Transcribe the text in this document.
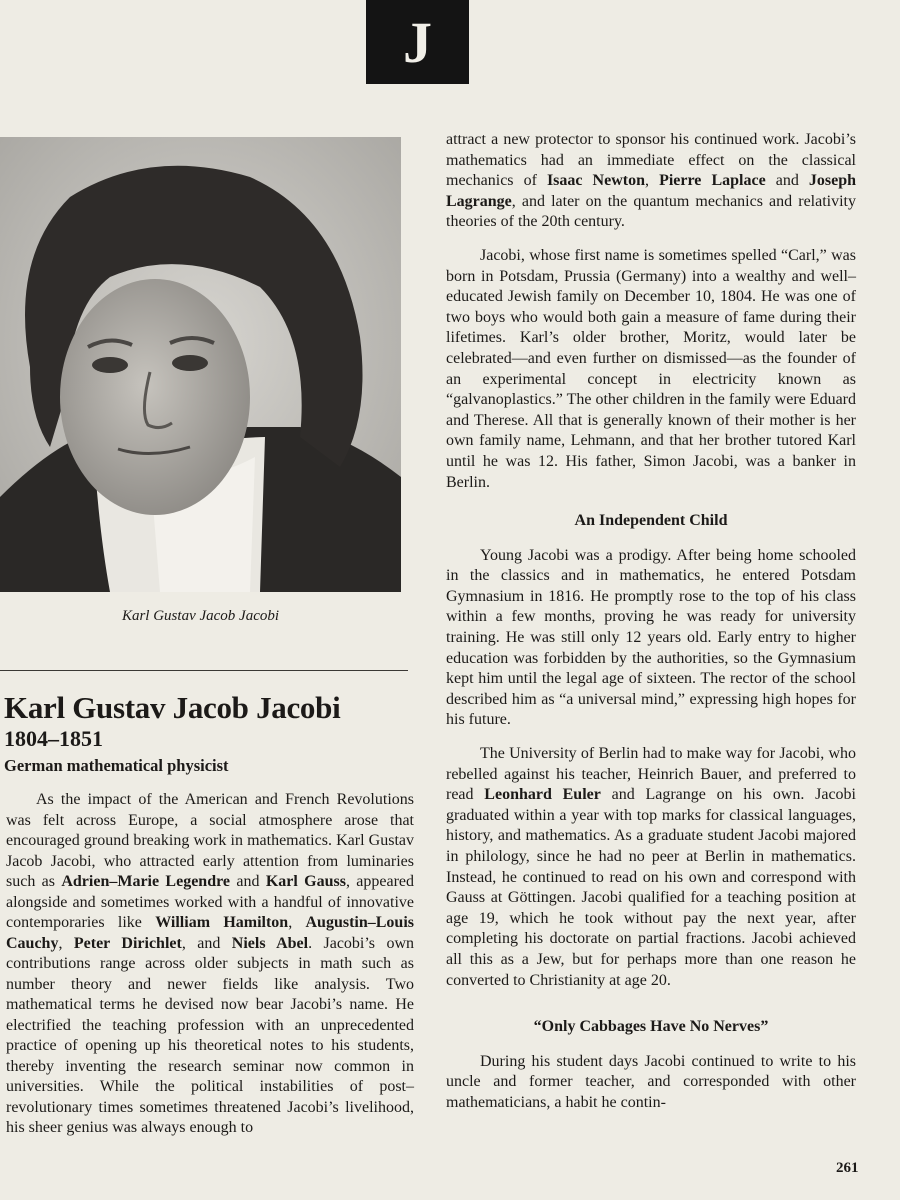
J
Karl Gustav Jacob Jacobi
Karl Gustav Jacob Jacobi
1804–1851
German mathematical physicist

As the impact of the American and French Revolutions was felt across Europe, a social atmosphere arose that encouraged ground breaking work in mathematics. Karl Gustav Jacob Jacobi, who attracted early attention from luminaries such as Adrien–Marie Legendre and Karl Gauss, appeared alongside and sometimes worked with a handful of innovative contemporaries like William Hamilton, Augustin–Louis Cauchy, Peter Dirichlet, and Niels Abel. Jacobi’s own contributions range across older subjects in math such as number theory and newer fields like analysis. Two mathematical terms he devised now bear Jacobi’s name. He electrified the teaching profession with an unprecedented practice of opening up his theoretical notes to his students, thereby inventing the research seminar now common in universities. While the political instabilities of post–revolutionary times sometimes threatened Jacobi’s livelihood, his sheer genius was always enough to

attract a new protector to sponsor his continued work. Jacobi’s mathematics had an immediate effect on the classical mechanics of Isaac Newton, Pierre Laplace and Joseph Lagrange, and later on the quantum mechanics and relativity theories of the 20th century.

Jacobi, whose first name is sometimes spelled “Carl,” was born in Potsdam, Prussia (Germany) into a wealthy and well–educated Jewish family on December 10, 1804. He was one of two boys who would both gain a measure of fame during their lifetimes. Karl’s older brother, Moritz, would later be celebrated—and even further on dismissed—as the founder of an experimental concept in electricity known as “galvanoplastics.” The other children in the family were Eduard and Therese. All that is generally known of their mother is her own family name, Lehmann, and that her brother tutored Karl until he was 12. His father, Simon Jacobi, was a banker in Berlin.

An Independent Child

Young Jacobi was a prodigy. After being home schooled in the classics and in mathematics, he entered Potsdam Gymnasium in 1816. He promptly rose to the top of his class within a few months, proving he was ready for university training. He was still only 12 years old. Early entry to higher education was forbidden by the authorities, so the Gymnasium kept him until the legal age of sixteen. The rector of the school described him as “a universal mind,” expressing high hopes for his future.

The University of Berlin had to make way for Jacobi, who rebelled against his teacher, Heinrich Bauer, and preferred to read Leonhard Euler and Lagrange on his own. Jacobi graduated within a year with top marks for classical languages, history, and mathematics. As a graduate student Jacobi majored in philology, since he had no peer at Berlin in mathematics. Instead, he continued to read on his own and correspond with Gauss at Göttingen. Jacobi qualified for a teaching position at age 19, which he took without pay the next year, after completing his doctorate on partial fractions. Jacobi achieved all this as a Jew, but for perhaps more than one reason he converted to Christianity at age 20.

“Only Cabbages Have No Nerves”

During his student days Jacobi continued to write to his uncle and former teacher, and corresponded with other mathematicians, a habit he contin-

261
